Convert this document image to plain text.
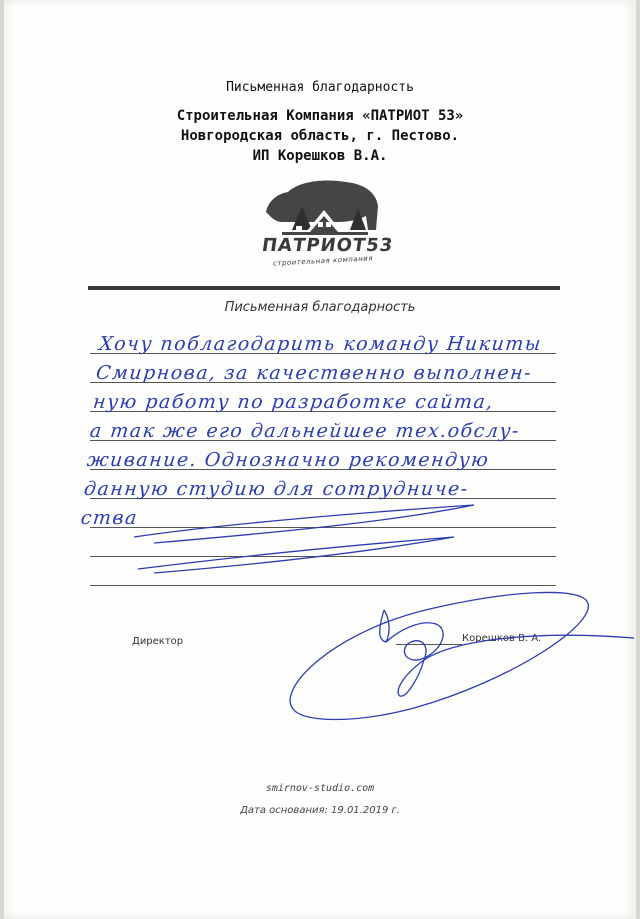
Письменная благодарность
Строительная Компания «ПАТРИОТ 53»
Новгородская область, г. Пестово.
ИП Корешков В.А.
ПАТРИОТ53
строительная компания
Письменная благодарность
Хочу поблагодарить команду Никиты
Смирнова, за качественно выполнен-
ную работу по разработке сайта,
а так же его дальнейшее тех.обслу-
живание. Однозначно рекомендую
данную студию для сотрудниче-
ства
Директор	Корешков В. А.
smirnov-studio.com
Дата основания: 19.01.2019 г.
